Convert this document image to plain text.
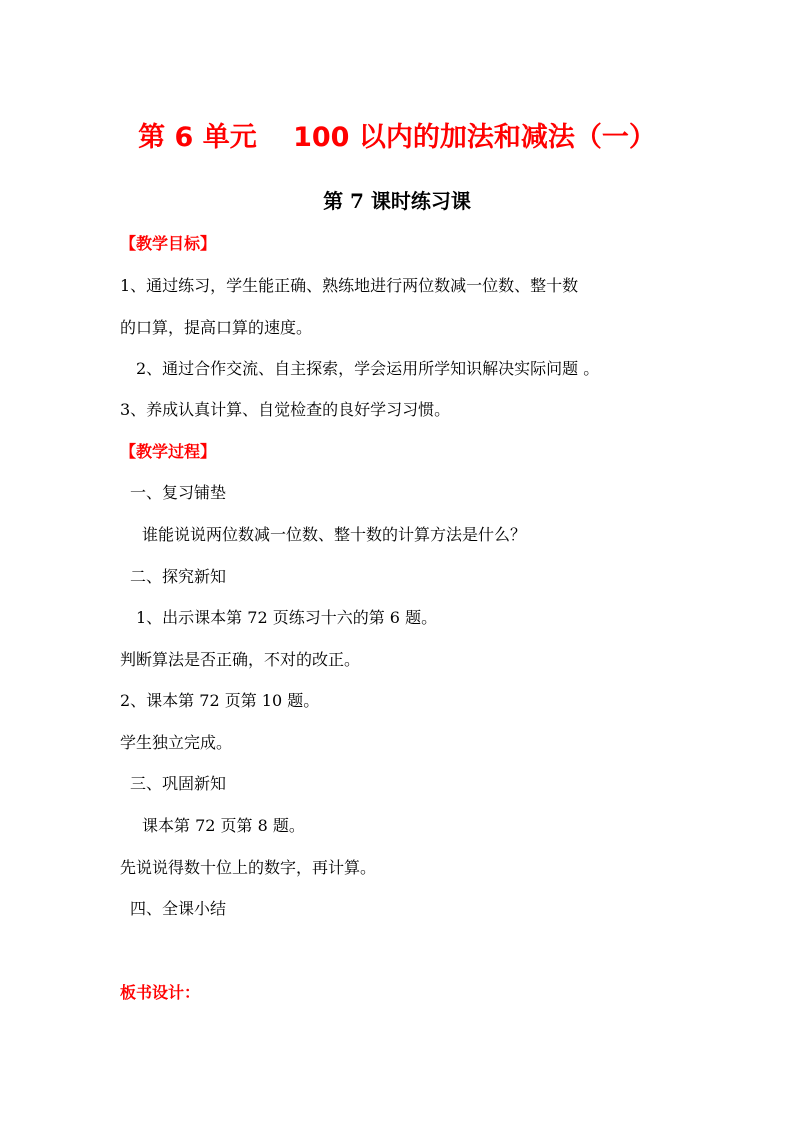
第 6 单元　 100 以内的加法和减法（一）
第 7 课时练习课
【教学目标】
1、通过练习，学生能正确、熟练地进行两位数减一位数、整十数
的口算，提高口算的速度。
2、通过合作交流、自主探索，学会运用所学知识解决实际问题 。
3、养成认真计算、自觉检查的良好学习习惯。
【教学过程】
一、复习铺垫
谁能说说两位数减一位数、整十数的计算方法是什么？
二、探究新知
1、出示课本第 72 页练习十六的第 6 题。
判断算法是否正确，不对的改正。
2、课本第 72 页第 10 题。
学生独立完成。
三、巩固新知
课本第 72 页第 8 题。
先说说得数十位上的数字，再计算。
四、全课小结
板书设计：
